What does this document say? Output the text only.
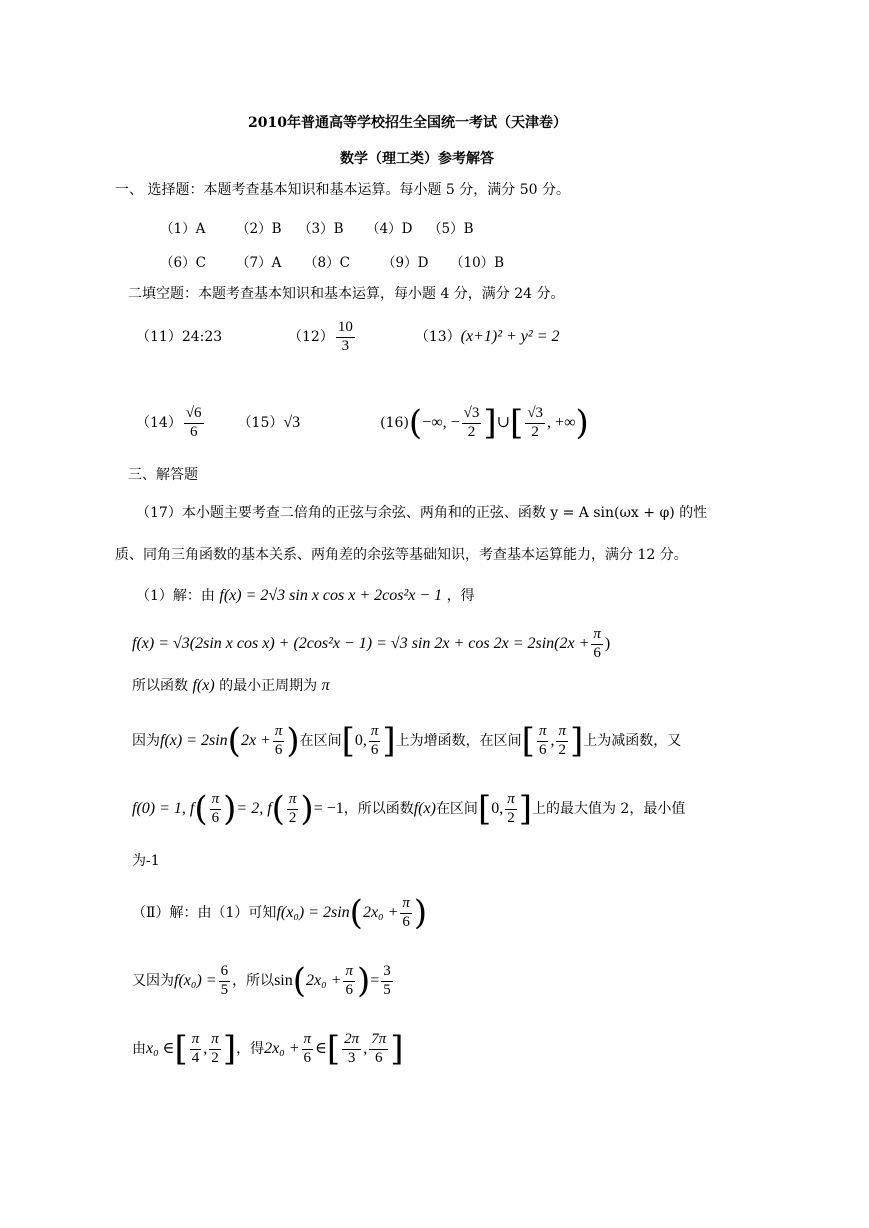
2010年普通高等学校招生全国统一考试（天津卷）
数学（理工类）参考解答
一、 选择题：本题考查基本知识和基本运算。每小题 5 分，满分 50 分。
（1）A （2）B （3）B （4）D （5）B
（6）C （7）A （8）C （9）D （10）B
二填空题：本题考查基本知识和基本运算，每小题 4 分，满分 24 分。
（11）24:23	$(12) \frac{10}{3}$	（13） (x+1)² + y² = 2
$(14) \frac{√6}{6} (15)$ √3	(16) ( −∞, − $\frac{√3}{2}$ ] ∪ [ $\frac{√3}{2}$ , +∞ )
三、解答题
（17）本小题主要考查二倍角的正弦与余弦、两角和的正弦、函数 y = A sin(ωx + φ) 的性
质、同角三角函数的基本关系、两角差的余弦等基础知识，考查基本运算能力，满分 12 分。
（1）解：由 f(x) = 2√3 sin x cos x + 2cos²x − 1 ，得
f(x) = √3(2sin x cos x) + (2cos²x − 1) = √3 $\sin 2x + \cos 2x = 2\sin(2x + \frac{\pi}{6}$ )
所以函数 f(x) 的最小正周期为 π
因为 f(x) = 2sin ( $2x + \frac{\pi}{6}$ ) 在区间 [ 0, $\frac{\pi}{6}$ ] 上为增函数，在区间 [ $\frac{\pi}{6}$ , $\frac{\pi}{2}$ ] 上为减函数，又
f(0) = 1, f ( $\frac{\pi}{6}$ ) = 2, f ( $\frac{\pi}{2}$ ) = −1 ，所以函数 f(x) 在区间 [ 0, $\frac{\pi}{2}$ ] 上的最大值为 2，最小值
为-1
（Ⅱ）解：由（1）可知 f(x₀) = 2sin ( $2x_0 + \frac{\pi}{6}$ )
又因为 $f(x_0) = \frac{6}{5}$ ，所以 sin ( $2x_0 + \frac{\pi}{6}$ ) = $\frac{3}{5}$
由 x₀ ∈ [ $\frac{\pi}{4}$ , $\frac{\pi}{2}$ ] ，得 $2x_0 + \frac{\pi}{6}$ ∈ [ $\frac{2\pi}{3}$ , $\frac{7\pi}{6}$ ]
